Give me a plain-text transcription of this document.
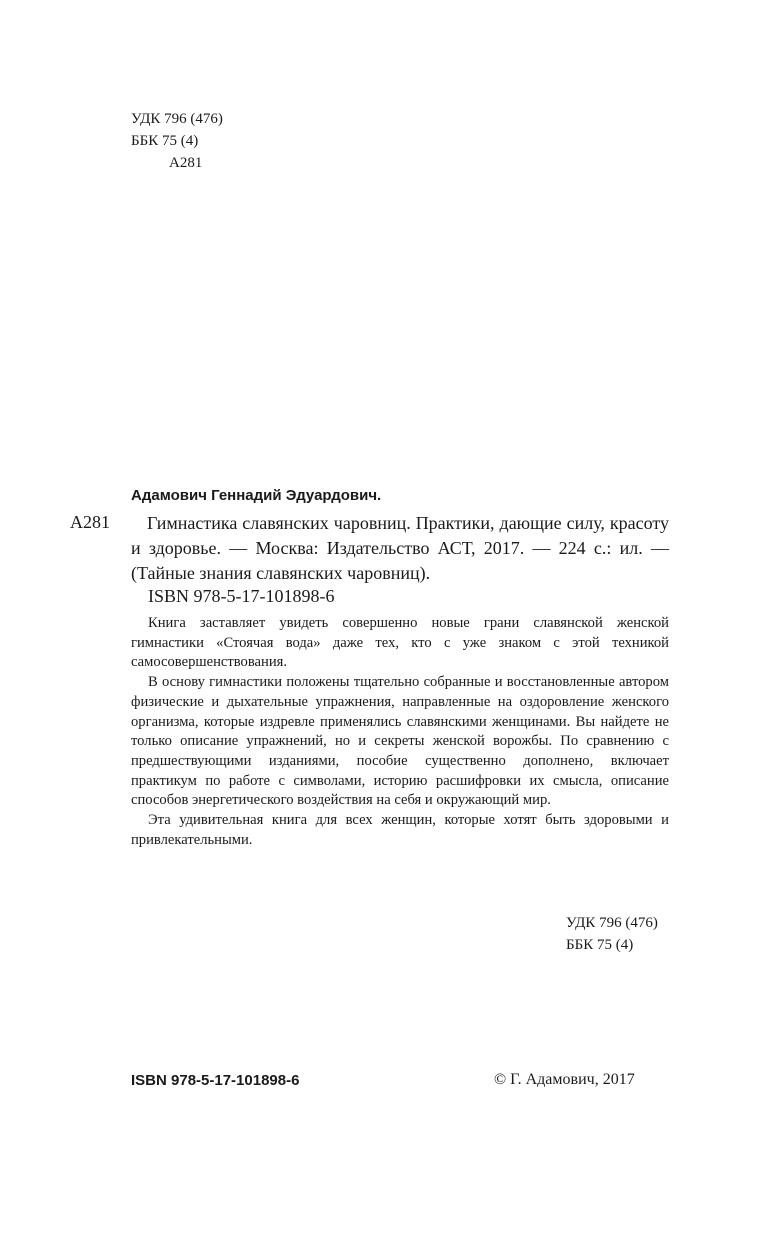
УДК 796 (476)
ББК 75 (4)
А281
Адамович Геннадий Эдуардович.
А281	Гимнастика славянских чаровниц. Практики, дающие силу, красоту и здоровье. — Москва: Издательство АСТ, 2017. — 224 с.: ил. — (Тайные знания славянских чаровниц).

ISBN 978-5-17-101898-6

Книга заставляет увидеть совершенно новые грани славянской женской гимнастики «Стоячая вода» даже тех, кто с уже знаком с этой техникой самосовершенствования.

В основу гимнастики положены тщательно собранные и восстановленные автором физические и дыхательные упражнения, направленные на оздоровление женского организма, которые издревле применялись славянскими женщинами. Вы найдете не только описание упражнений, но и секреты женской ворожбы. По сравнению с предшествующими изданиями, пособие существенно дополнено, включает практикум по работе с символами, историю расшифровки их смысла, описание способов энергетического воздействия на себя и окружающий мир.

Эта удивительная книга для всех женщин, которые хотят быть здоровыми и привлекательными.

УДК 796 (476)
ББК 75 (4)
ISBN 978-5-17-101898-6	© Г. Адамович, 2017
